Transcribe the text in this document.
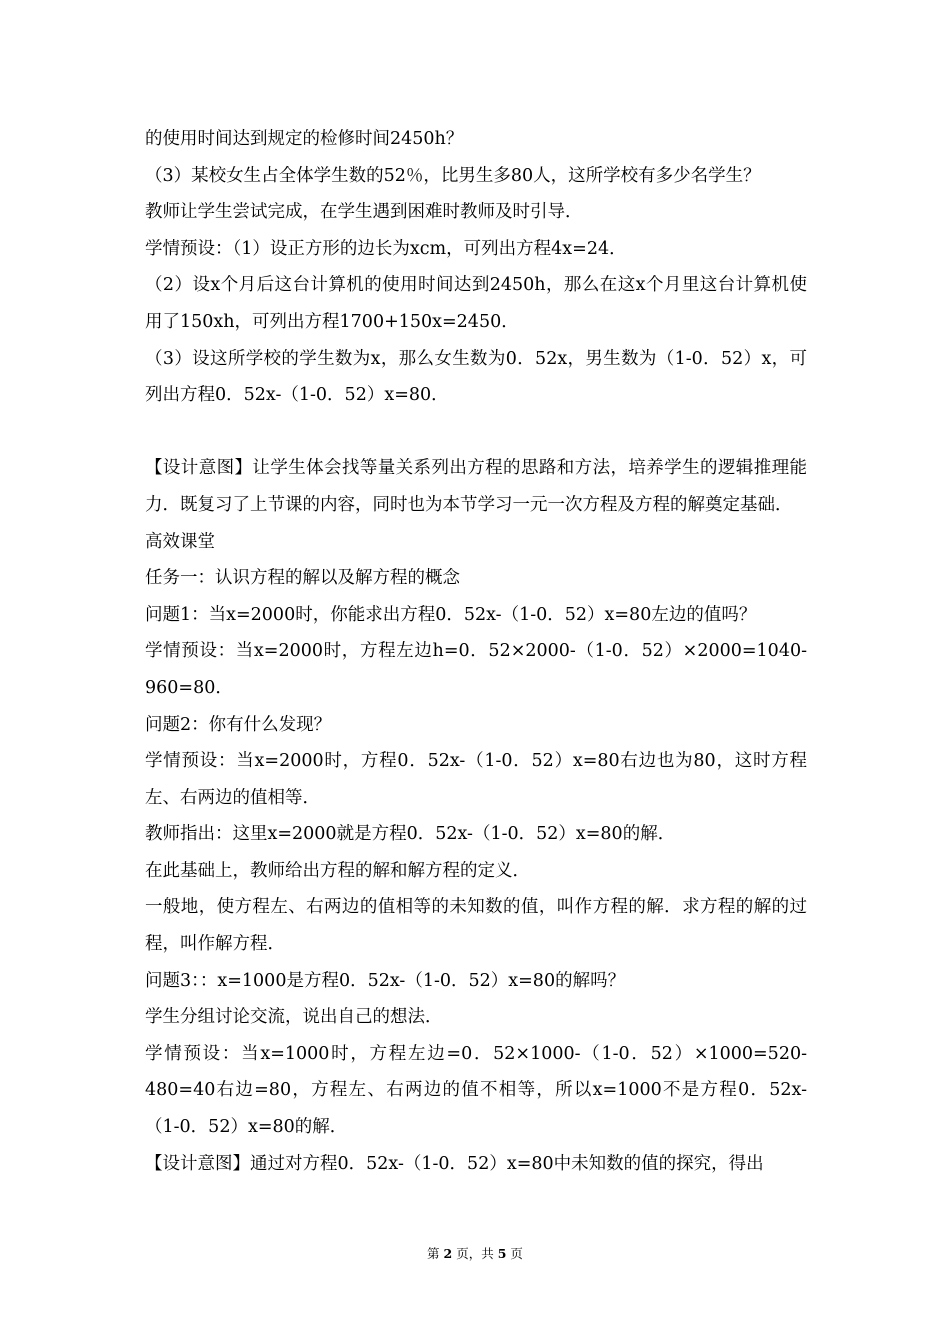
的使用时间达到规定的检修时间2450h？

（3）某校女生占全体学生数的52％，比男生多80人，这所学校有多少名学生？

教师让学生尝试完成，在学生遇到困难时教师及时引导．

学情预设：（1）设正方形的边长为xcm，可列出方程4x=24．

（2）设x个月后这台计算机的使用时间达到2450h，那么在这x个月里这台计算机使用了150xh，可列出方程1700+150x=2450．

（3）设这所学校的学生数为x，那么女生数为0．52x，男生数为（1-0．52）x，可列出方程0．52x-（1-0．52）x=80．

【设计意图】让学生体会找等量关系列出方程的思路和方法，培养学生的逻辑推理能力．既复习了上节课的内容，同时也为本节学习一元一次方程及方程的解奠定基础．

高效课堂

任务一：认识方程的解以及解方程的概念

问题1：当x=2000时，你能求出方程0．52x-（1-0．52）x=80左边的值吗？

学情预设：当x=2000时，方程左边h=0．52×2000-（1-0．52）×2000=1040-960=80．

问题2：你有什么发现？

学情预设：当x=2000时，方程0．52x-（1-0．52）x=80右边也为80，这时方程左、右两边的值相等．

教师指出：这里x=2000就是方程0．52x-（1-0．52）x=80的解．

在此基础上，教师给出方程的解和解方程的定义．

一般地，使方程左、右两边的值相等的未知数的值，叫作方程的解．求方程的解的过程，叫作解方程．

问题3：：x=1000是方程0．52x-（1-0．52）x=80的解吗？

学生分组讨论交流，说出自己的想法．

学情预设：当x=1000时，方程左边=0．52×1000-（1-0．52）×1000=520-480=40右边=80，方程左、右两边的值不相等，所以x=1000不是方程0．52x-（1-0．52）x=80的解．

【设计意图】通过对方程0．52x-（1-0．52）x=80中未知数的值的探究，得出

第 2 页，共 5 页
